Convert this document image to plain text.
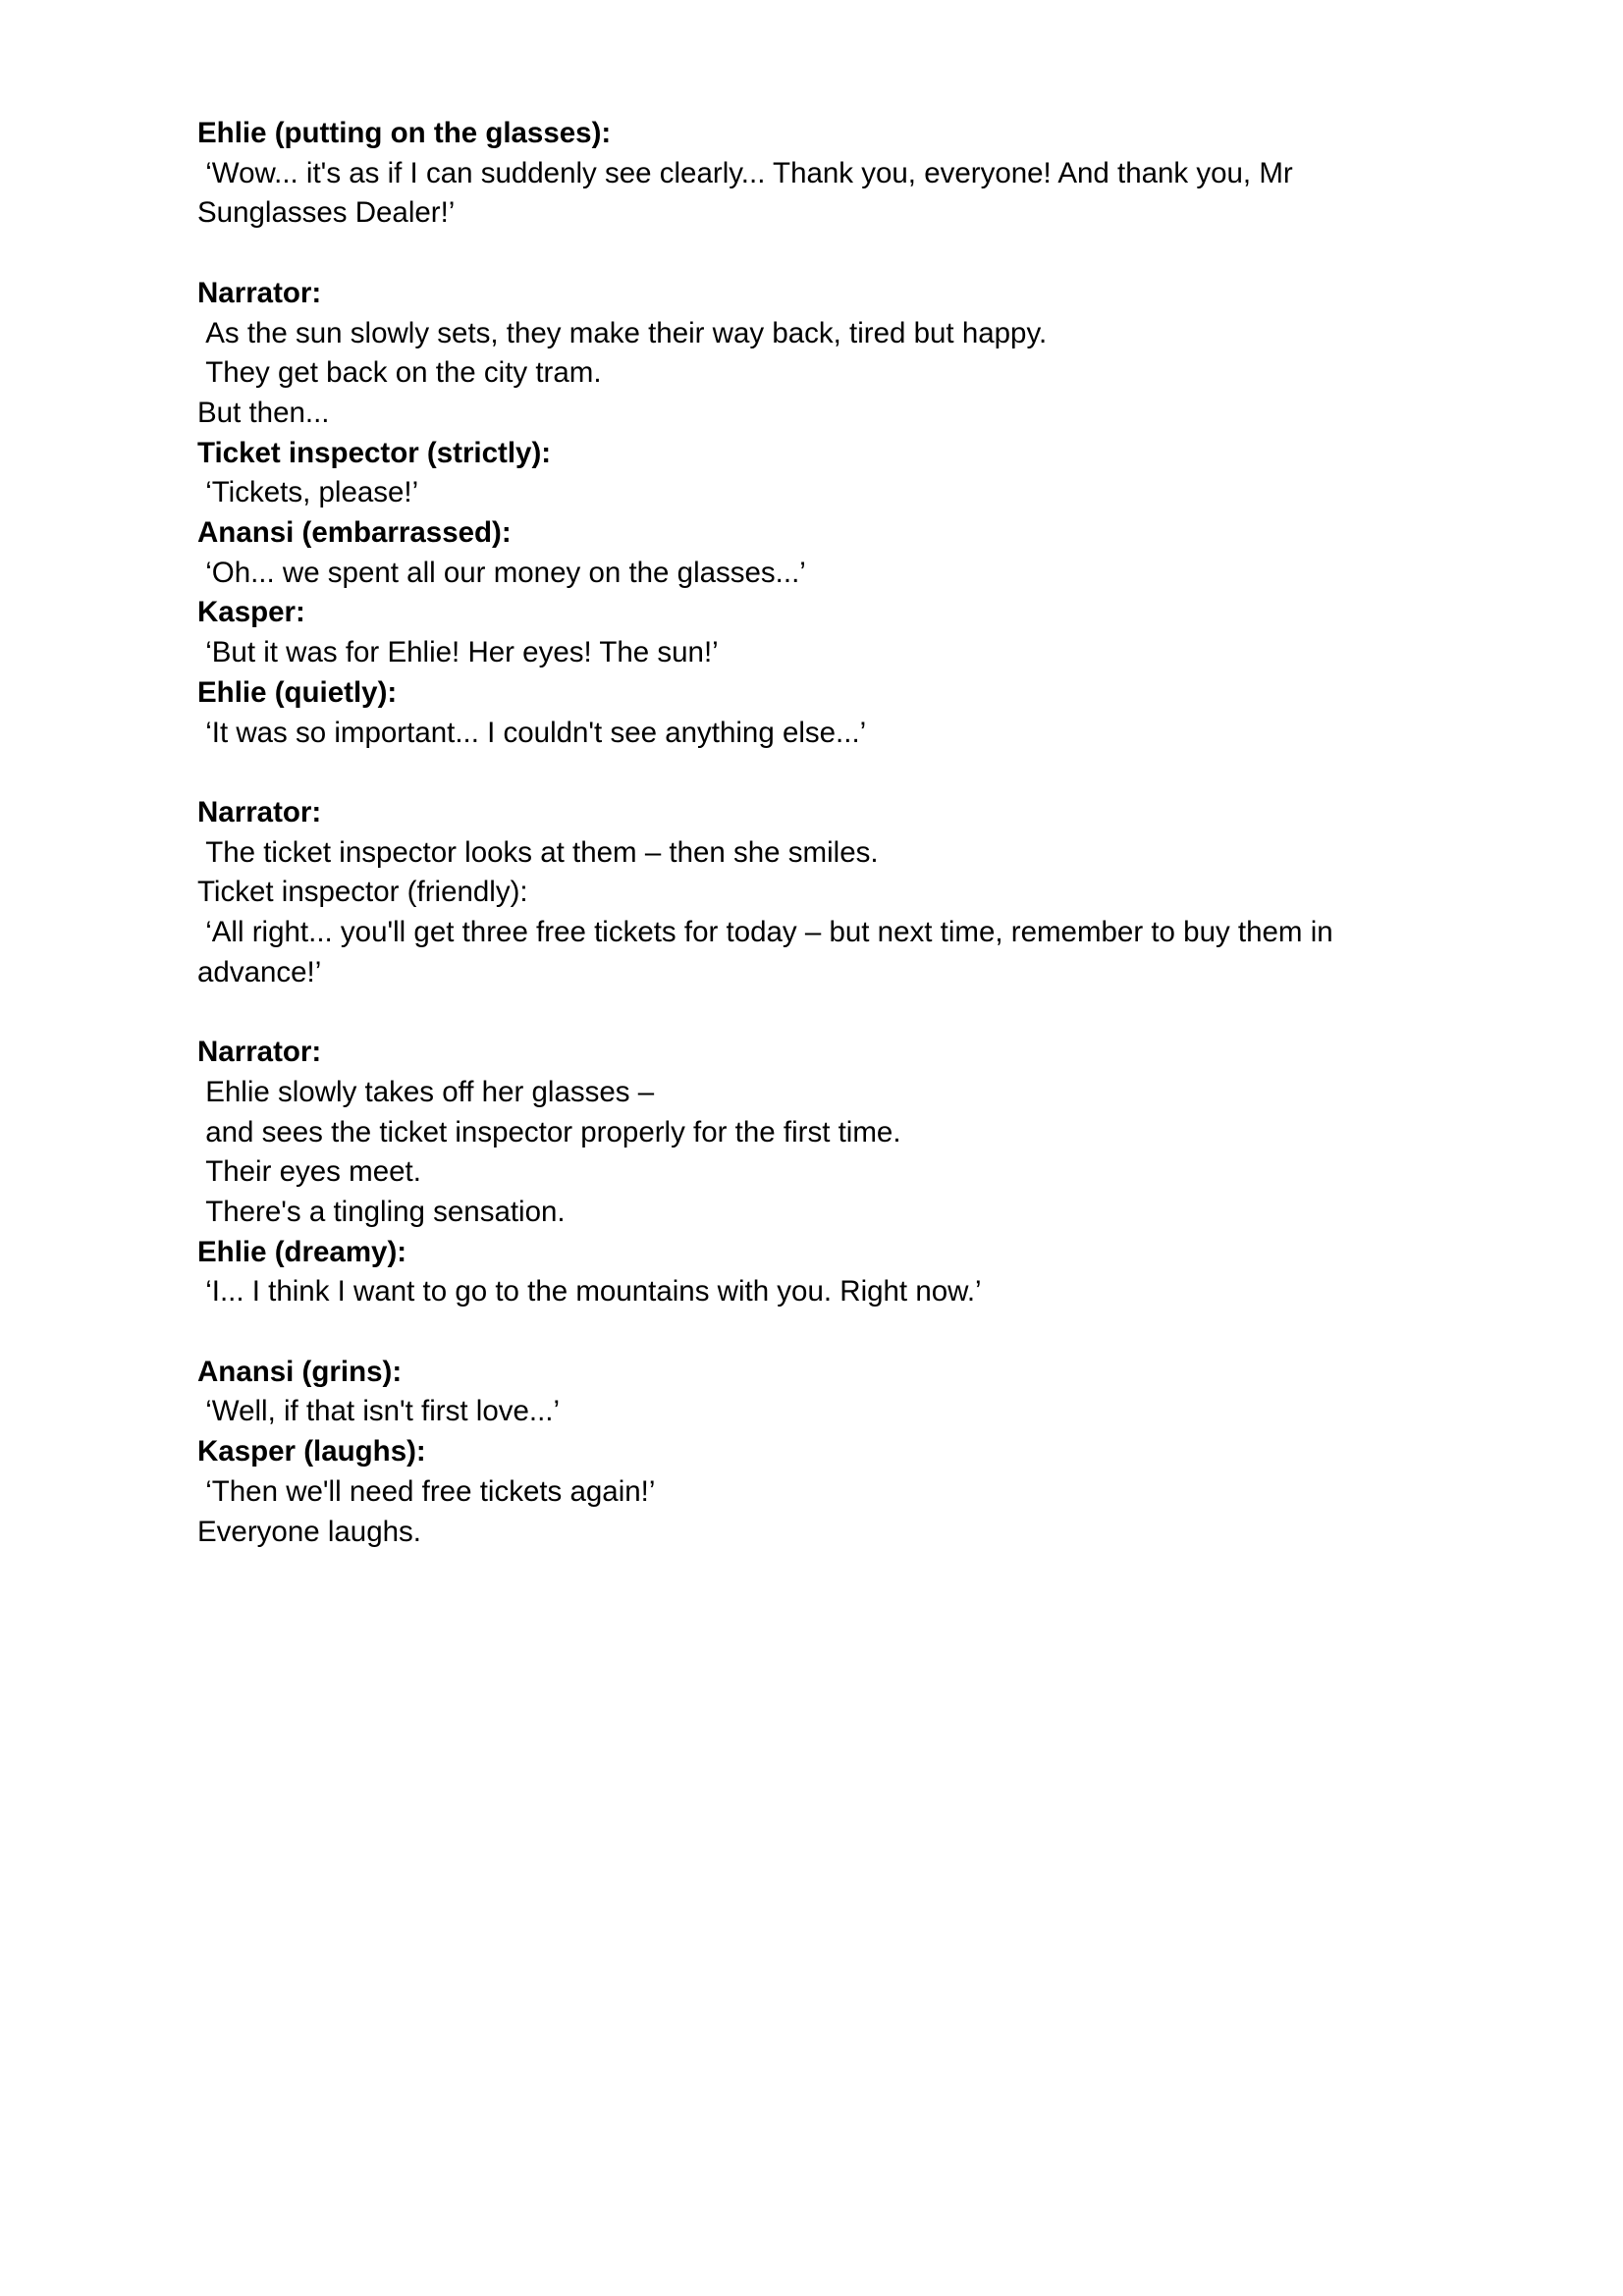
Ehlie (putting on the glasses):
‘Wow... it's as if I can suddenly see clearly... Thank you, everyone! And thank you, Mr Sunglasses Dealer!’
Narrator:
As the sun slowly sets, they make their way back, tired but happy.
They get back on the city tram.
But then...
Ticket inspector (strictly):
‘Tickets, please!’
Anansi (embarrassed):
‘Oh... we spent all our money on the glasses...’
Kasper:
‘But it was for Ehlie! Her eyes! The sun!’
Ehlie (quietly):
‘It was so important... I couldn't see anything else...’
Narrator:
The ticket inspector looks at them – then she smiles.
Ticket inspector (friendly):
‘All right... you'll get three free tickets for today – but next time, remember to buy them in advance!’
Narrator:
Ehlie slowly takes off her glasses –
and sees the ticket inspector properly for the first time.
Their eyes meet.
There's a tingling sensation.
Ehlie (dreamy):
‘I... I think I want to go to the mountains with you. Right now.’
Anansi (grins):
‘Well, if that isn't first love...’
Kasper (laughs):
‘Then we'll need free tickets again!’
Everyone laughs.
